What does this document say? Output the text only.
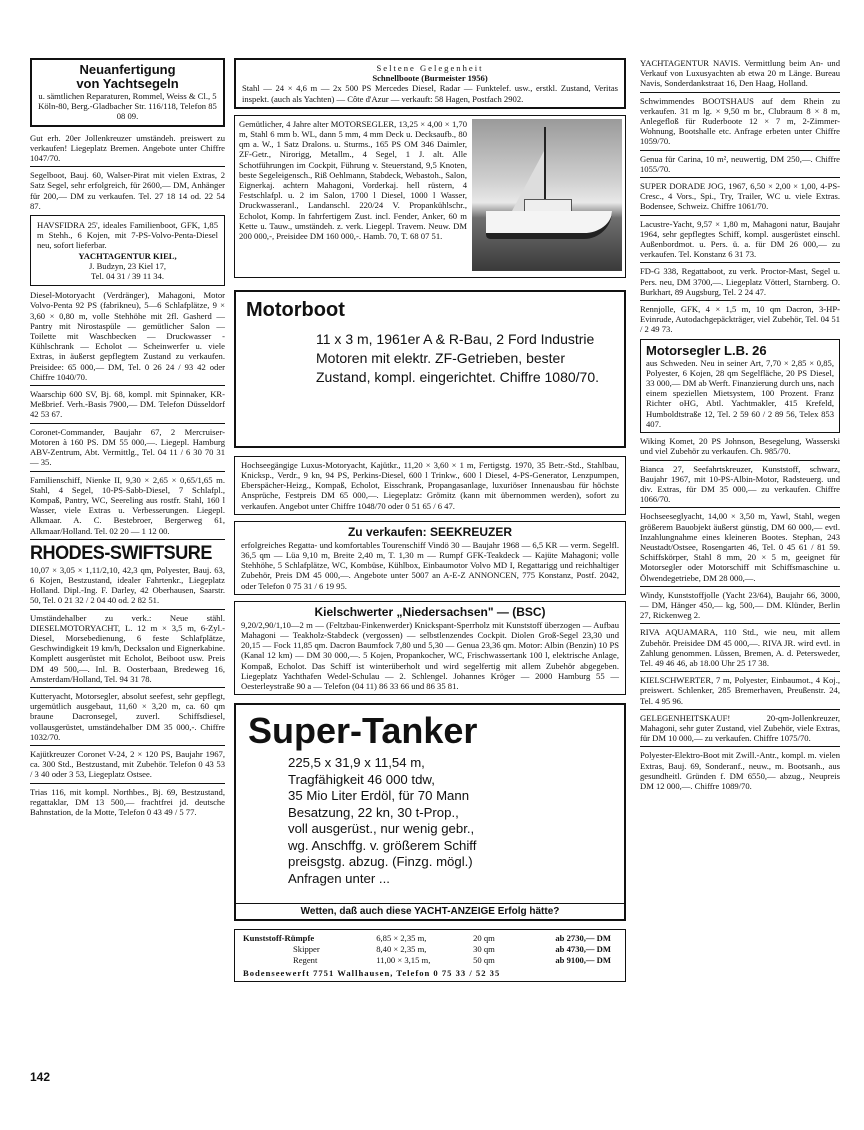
Neuanfertigung
von Yachtsegeln
u. sämtlichen Reparaturen, Rommel, Weiss & Cl., 5 Köln-80, Berg.-Gladbacher Str. 116/118, Telefon 85 08 09.
Gut erh. 20er Jollenkreuzer umständeh. preiswert zu verkaufen! Liegeplatz Bremen. Angebote unter Chiffre 1047/70.
Segelboot, Bauj. 60, Walser-Pirat mit vielen Extras, 2 Satz Segel, sehr erfolgreich, für 2600,— DM, Anhänger für 200,— DM zu verkaufen. Tel. 27 18 14 od. 22 54 87.
HAVSFIDRA 25', ideales Familienboot, GFK, 1,85 m Stehh., 6 Kojen, mit 7-PS-Volvo-Penta-Diesel neu, sofort lieferbar.
YACHTAGENTUR KIEL,
J. Budzyn, 23 Kiel 17,
Tel. 04 31 / 39 11 34.
Diesel-Motoryacht (Verdränger), Mahagoni, Motor Volvo-Penta 92 PS (fabrikneu), 5—6 Schlafplätze, 9 × 3,60 × 0,80 m, volle Stehhöhe mit 2fl. Gasherd — Pantry mit Nirostaspüle — gemütlicher Salon — Toilette mit Waschbecken — Druckwasser - Kühlschrank — Echolot — Scheinwerfer u. viele Extras, in äußerst gepflegtem Zustand zu verkaufen. Preisidee: 65 000,— DM, Tel. 0 26 24 / 93 42 oder Chiffre 1040/70.
Waarschip 600 SV, Bj. 68, kompl. mit Spinnaker, KR-Meßbrief. Verh.-Basis 7900,— DM. Telefon Düsseldorf 42 53 67.
Coronet-Commander, Baujahr 67, 2 Mercruiser-Motoren à 160 PS. DM 55 000,—. Liegepl. Hamburg ABV-Zentrum, Abt. Vermittlg., Tel. 04 11 / 6 30 70 31 — 35.
Familienschiff, Nienke II, 9,30 × 2,65 × 0,65/1,65 m. Stahl, 4 Segel, 10-PS-Sabb-Diesel, 7 Schlafpl., Kompaß, Pantry, WC, Seereling aus rostfr. Stahl, 160 l Wasser, viele Extras u. Verbesserungen. Liegepl. Alkmaar. A. C. Bestebroer, Bergerweg 61, Alkmaar/Holland. Tel. 02 20 — 1 12 00.
RHODES-SWIFTSURE
10,07 × 3,05 × 1,11/2,10, 42,3 qm, Polyester, Bauj. 63, 6 Kojen, Bestzustand, idealer Fahrtenkr., Liegeplatz Holland. Dipl.-Ing. F. Darley, 42 Oberhausen, Saarstr. 50, Tel. 0 21 32 / 2 04 40 od. 2 82 51.
Umständehalber zu verk.: Neue stähl. DIESELMOTORYACHT, L. 12 m × 3,5 m, 6-Zyl.-Diesel, Morsebedienung, 6 feste Schlafplätze, Geschwindigkeit 19 km/h, Decksalon und Eignerkabine. Komplett ausgerüstet mit Echolot, Beiboot usw. Preis DM 49 500,—. Inl. B. Oosterbaan, Bredeweg 16, Amsterdam/Holland, Tel. 94 31 78.
Kutteryacht, Motorsegler, absolut seefest, sehr gepflegt, urgemütlich ausgebaut, 11,60 × 3,20 m, ca. 60 qm braune Dacronsegel, zuverl. Schiffsdiesel, vollausgerüstet, umständehalber DM 35 000,-. Chiffre 1032/70.
Kajütkreuzer Coronet V-24, 2 × 120 PS, Baujahr 1967, ca. 300 Std., Bestzustand, mit Zubehör. Telefon 0 43 53 / 3 40 oder 3 53, Liegeplatz Ostsee.
Trias 116, mit kompl. Northbes., Bj. 69, Bestzustand, regattaklar, DM 13 500,— frachtfrei jd. deutsche Bahnstation, de la Motte, Telefon 0 43 49 / 5 77.
Seltene Gelegenheit
Schnellboote (Burmeister 1956)
Stahl — 24 × 4,6 m — 2x 500 PS Mercedes Diesel, Radar — Funktelef. usw., erstkl. Zustand, Veritas inspekt. (auch als Yachten) — Côte d'Azur — verkauft: 58 Hagen, Postfach 2902.
Gemütlicher, 4 Jahre alter MOTORSEGLER, 13,25 × 4,00 × 1,70 m, Stahl 6 mm b. WL, dann 5 mm, 4 mm Deck u. Decksaufb., 80 qm a. W., 1 Satz Dralons. u. Sturms., 165 PS OM 346 Daimler, ZF-Getr., Nirorigg, Metallm., 4 Segel, 1 J. alt. Alle Schotführungen im Cockpit, Führung v. Steuerstand, 9,5 Knoten, beste Segeleigensch., Riß Oehlmann, Stabdeck, Webastoh., Salon, Eignerkaj. achtern Mahagoni, Vorderkaj. hell rüstern, 4 Festschlafpl. u. 2 im Salon, 1700 l Diesel, 1000 l Wasser, Druckwasseranl., Landanschl. 220/24 V. Propankühlschr., Echolot, Komp. In fahrfertigem Zust. incl. Fender, Anker, 60 m Kette u. Tauw., umständeh. z. verk. Liegepl. Travem. Neuw. DM 200 000,-, Preisidee DM 160 000,-. Hamb. 70, T. 68 07 51.
Motorboot
11 x 3 m, 1961er A & R-Bau, 2 Ford Industrie Motoren mit elektr. ZF-Getrieben, bester Zustand, kompl. eingerichtet. Chiffre 1080/70.
Hochseegängige Luxus-Motoryacht, Kajütkr., 11,20 × 3,60 × 1 m, Fertigstg. 1970, 35 Betr.-Std., Stahlbau, Knicksp., Verdr., 9 kn, 94 PS, Perkins-Diesel, 600 l Trinkw., 600 l Diesel, 4-PS-Generator, Lenzpumpen, Eberspächer-Heizg., Kompaß, Echolot, Eisschrank, Propangasanlage, luxuriöser Innenausbau für höchste Ansprüche, Festpreis DM 65 000,—. Liegeplatz: Grömitz (kann mit übernommen werden), sofort zu verkaufen. Angebot unter Chiffre 1048/70 oder 0 51 65 / 6 47.
Zu verkaufen: SEEKREUZER
erfolgreiches Regatta- und komfortables Tourenschiff Vindö 30 — Baujahr 1968 — 6,5 KR — verm. Segelfl. 36,5 qm — Lüa 9,10 m, Breite 2,40 m, T. 1,30 m — Rumpf GFK-Teakdeck — Kajüte Mahagoni; volle Stehhöhe, 5 Schlafplätze, WC, Kombüse, Kühlbox, Einbaumotor Volvo MD I, Regattarigg und reichhaltiger Zubehör, Preis DM 45 000,—. Angebote unter 5007 an A-E-Z ANNONCEN, 775 Konstanz, Postf. 2042, oder Telefon 0 75 31 / 6 19 95.
Kielschwerter „Niedersachsen" — (BSC)
9,20/2,90/1,10—2 m — (Feltzbau-Finkenwerder) Knickspant-Sperrholz mit Kunststoff überzogen — Aufbau Mahagoni — Teakholz-Stabdeck (vergossen) — selbstlenzendes Cockpit. Diolen Groß-Segel 23,30 und 20,15 — Fock 11,85 qm. Dacron Baumfock 7,80 und 5,30 — Genua 23,36 qm. Motor: Albin (Benzin) 10 PS (Kanal 12 km) — DM 30 000,—. 5 Kojen, Propankocher, WC, Frischwassertank 100 l, elektrische Anlage, Kompaß, Echolot. Das Schiff ist winterüberholt und wird segelfertig mit allem Zubehör abgegeben. Liegeplatz Yachthafen Wedel-Schulau — 2. Schlengel. Johannes Kröger — 2000 Hamburg 55 — Oesterleystraße 90 a — Telefon (04 11) 86 33 66 und 86 35 81.
Super-Tanker
225,5 x 31,9 x 11,54 m,
Tragfähigkeit 46 000 tdw,
35 Mio Liter Erdöl, für 70 Mann
Besatzung, 22 kn, 30 t-Prop.,
voll ausgerüst., nur wenig gebr.,
wg. Anschffg. v. größerem Schiff
preisgstg. abzug. (Finzg. mögl.)
Anfragen unter ...
Wetten, daß auch diese YACHT-ANZEIGE Erfolg hätte?
Kunststoff-Rümpfe	6,85 × 2,35 m,	20 qm	ab 2730,— DM
Skipper	8,40 × 2,35 m,	30 qm	ab 4730,— DM
Regent	11,00 × 3,15 m,	50 qm	ab 9100,— DM
Bodenseewerft 7751 Wallhausen, Telefon 0 75 33 / 52 35
YACHTAGENTUR NAVIS. Vermittlung beim An- und Verkauf von Luxusyachten ab etwa 20 m Länge. Bureau Navis, Sonderdankstraat 16, Den Haag, Holland.
Schwimmendes BOOTSHAUS auf dem Rhein zu verkaufen. 31 m lg. × 9,50 m br., Clubraum 8 × 8 m, Anlegefloß für Ruderboote 12 × 7 m, 2-Zimmer-Wohnung, Bootshalle etc. Anfrage erbeten unter Chiffre 1059/70.
Genua für Carina, 10 m², neuwertig, DM 250,—. Chiffre 1055/70.
SUPER DORADE JOG, 1967, 6,50 × 2,00 × 1,00, 4-PS-Cresc., 4 Vors., Spi., Try, Trailer, WC u. viele Extras. Bodensee, Schweiz. Chiffre 1061/70.
Lacustre-Yacht, 9,57 × 1,80 m, Mahagoni natur, Baujahr 1964, sehr gepflegtes Schiff, kompl. ausgerüstet einschl. Außenbordmot. u. Pers. ü. a. für DM 26 000,— zu verkaufen. Tel. Konstanz 6 31 73.
FD-G 338, Regattaboot, zu verk. Proctor-Mast, Segel u. Pers. neu, DM 3700,—. Liegeplatz Vötterl, Starnberg. O. Burkhart, 89 Augsburg, Tel. 2 24 47.
Rennjolle, GFK, 4 × 1,5 m, 10 qm Dacron, 3-HP-Evinrude, Autodachgepäckträger, viel Zubehör, Tel. 04 51 / 2 49 73.
Motorsegler L.B. 26
aus Schweden. Neu in seiner Art, 7,70 × 2,85 × 0,85, Polyester, 6 Kojen, 28 qm Segelfläche, 20 PS Diesel, 33 000,— DM ab Werft. Finanzierung durch uns, nach einem speziellen Mietsystem, 100 Prozent. Franz Richter oHG, Abtl. Yachtmakler, 415 Krefeld, Humboldtstraße 12, Tel. 2 59 60 / 2 89 56, Telex 853 407.
Wiking Komet, 20 PS Johnson, Besegelung, Wasserski und viel Zubehör zu verkaufen. Ch. 985/70.
Bianca 27, Seefahrtskreuzer, Kunststoff, schwarz, Baujahr 1967, mit 10-PS-Albin-Motor, Radsteuerg. und div. Extras, für DM 35 000,— zu verkaufen. Chiffre 1066/70.
Hochseeseglyacht, 14,00 × 3,50 m, Yawl, Stahl, wegen größerem Bauobjekt äußerst günstig, DM 60 000,— evtl. Inzahlungnahme eines kleineren Bootes. Stephan, 243 Neustadt/Ostsee, Rosengarten 46, Tel. 0 45 61 / 81 59. Schiffskörper, Stahl 8 mm, 20 × 5 m, geeignet für Motorsegler oder Motorschiff mit Schiffsmaschine u. Ölwendegetriebe, DM 28 000,—.
Windy, Kunststoffjolle (Yacht 23/64), Baujahr 66, 3000,— DM, Hänger 450,— kg, 500,— DM. Klünder, Berlin 27, Rickenweg 2.
RIVA AQUAMARA, 110 Std., wie neu, mit allem Zubehör. Preisidee DM 45 000,—. RIVA JR. wird evtl. in Zahlung genommen. Lüssen, Bremen, A. d. Petersweder, Tel. 49 46 46, ab 18.00 Uhr 25 17 38.
KIELSCHWERTER, 7 m, Polyester, Einbaumot., 4 Koj., preiswert. Schlenker, 285 Bremerhaven, Preußenstr. 24, Tel. 4 95 96.
GELEGENHEITSKAUF! 20-qm-Jollenkreuzer, Mahagoni, sehr guter Zustand, viel Zubehör, viele Extras, für DM 10 000,— zu verkaufen. Chiffre 1075/70.
Polyester-Elektro-Boot mit Zwill.-Antr., kompl. m. vielen Extras, Bauj. 69, Sonderanf., neuw., m. Bootsanh., aus gesundheitl. Gründen f. DM 6550,— abzug., Neupreis DM 12 000,—. Chiffre 1089/70.
142
